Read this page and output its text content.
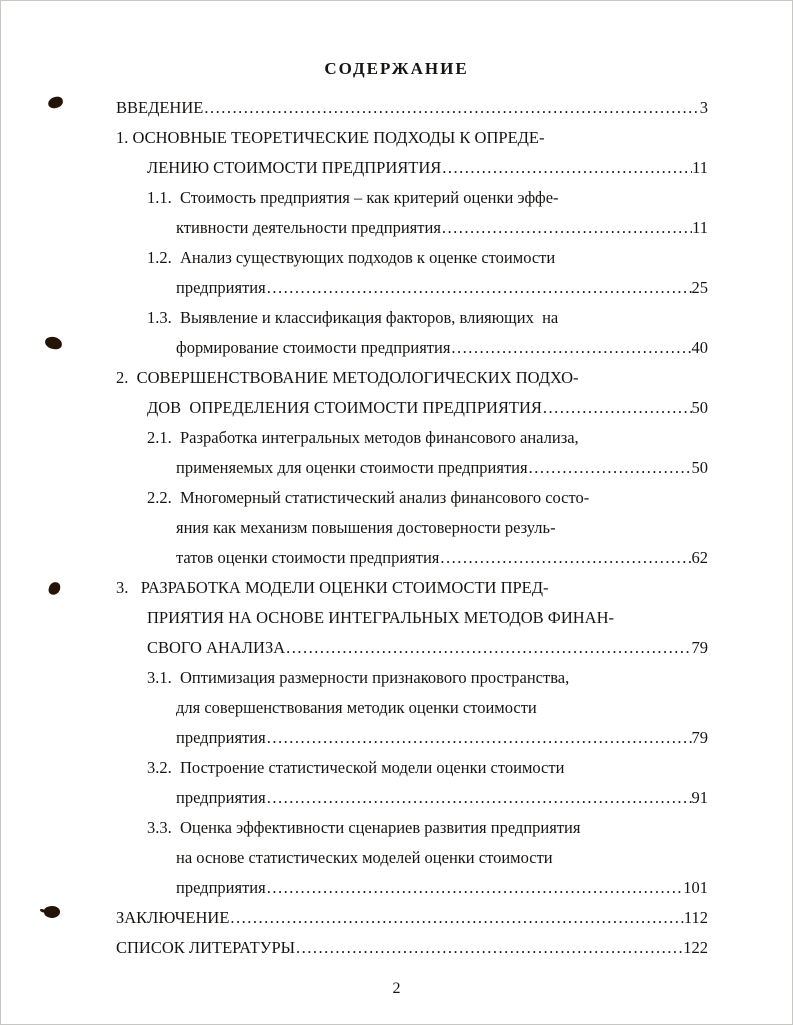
СОДЕРЖАНИЕ
ВВЕДЕНИЕ .....	3
1. ОСНОВНЫЕ ТЕОРЕТИЧЕСКИЕ ПОДХОДЫ К ОПРЕДЕ-
ЛЕНИЮ СТОИМОСТИ ПРЕДПРИЯТИЯ .....	11
1.1.  Стоимость предприятия – как критерий оценки эффе-
ктивности деятельности предприятия .....	11
1.2.  Анализ существующих подходов к оценке стоимости
предприятия .....	25
1.3.  Выявление и классификация факторов, влияющих  на
формирование стоимости предприятия .....	40
2.  СОВЕРШЕНСТВОВАНИЕ МЕТОДОЛОГИЧЕСКИХ ПОДХО-
ДОВ  ОПРЕДЕЛЕНИЯ СТОИМОСТИ ПРЕДПРИЯТИЯ .....	50
2.1.  Разработка интегральных методов финансового анализа,
применяемых для оценки стоимости предприятия .....	50
2.2.  Многомерный статистический анализ финансового состо-
яния как механизм повышения достоверности резуль-
татов оценки стоимости предприятия .....	62
3.   РАЗРАБОТКА МОДЕЛИ ОЦЕНКИ СТОИМОСТИ ПРЕД-
ПРИЯТИЯ НА ОСНОВЕ ИНТЕГРАЛЬНЫХ МЕТОДОВ ФИНАН-
СВОГО АНАЛИЗА .....	79
3.1.  Оптимизация размерности признакового пространства,
для совершенствования методик оценки стоимости
предприятия .....	79
3.2.  Построение статистической модели оценки стоимости
предприятия .....	91
3.3.  Оценка эффективности сценариев развития предприятия
на основе статистических моделей оценки стоимости
предприятия .....	101
ЗАКЛЮЧЕНИЕ .....	112
СПИСОК ЛИТЕРАТУРЫ .....	122
2
